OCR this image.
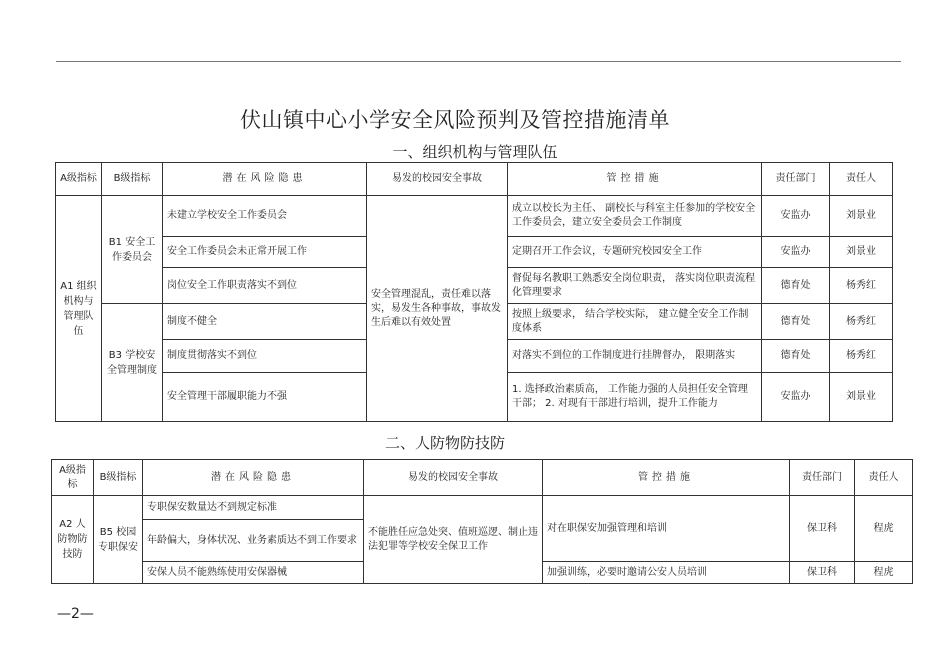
伏山镇中心小学安全风险预判及管控措施清单
一、组织机构与管理队伍
A级指标	B级指标	潜在风险隐患	易发的校园安全事故	管控措施	责任部门	责任人
A1 组织机构与管理队伍	B1 安全工作委员会	未建立学校安全工作委员会	安全管理混乱，责任难以落实，易发生各种事故，事故发生后难以有效处置	成立以校长为主任、 副校长与科室主任参加的学校安全工作委员会，建立安全委员会工作制度	安监办	刘景业
		安全工作委员会未正常开展工作		定期召开工作会议，专题研究校园安全工作	安监办	刘景业
		岗位安全工作职责落实不到位		督促每名教职工熟悉安全岗位职责， 落实岗位职责流程化管理要求	德育处	杨秀红
	B3 学校安全管理制度	制度不健全		按照上级要求， 结合学校实际， 建立健全安全工作制度体系	德育处	杨秀红
		制度贯彻落实不到位		对落实不到位的工作制度进行挂牌督办， 限期落实	德育处	杨秀红
		安全管理干部履职能力不强		1. 选择政治素质高， 工作能力强的人员担任安全管理干部； 2. 对现有干部进行培训，提升工作能力	安监办	刘景业
二、人防物防技防
A级指标	B级指标	潜在风险隐患	易发的校园安全事故	管控措施	责任部门	责任人
A2 人防物防技防	B5 校园专职保安	专职保安数量达不到规定标准	不能胜任应急处突、值班巡逻、制止违法犯罪等学校安全保卫工作	对在职保安加强管理和培训	保卫科	程虎
		年龄偏大，身体状况、业务素质达不到工作要求				
		安保人员不能熟练使用安保器械		加强训练，必要时邀请公安人员培训	保卫科	程虎
—2—
